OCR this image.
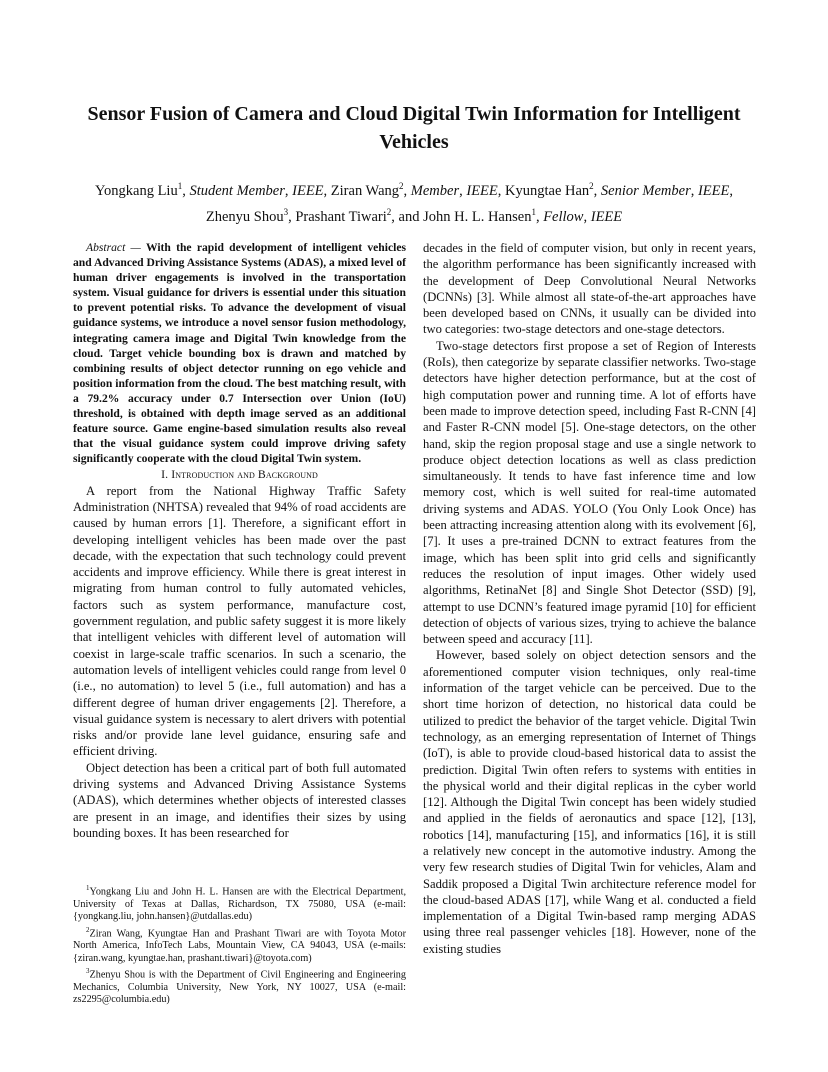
Sensor Fusion of Camera and Cloud Digital Twin Information for Intelligent Vehicles
Yongkang Liu$^1$, Student Member, IEEE, Ziran Wang$^2$, Member, IEEE, Kyungtae Han$^2$, Senior Member, IEEE,
Zhenyu Shou$^3$, Prashant Tiwari$^2$, and John H. L. Hansen$^1$, Fellow, IEEE

Abstract — With the rapid development of intelligent vehicles and Advanced Driving Assistance Systems (ADAS), a mixed level of human driver engagements is involved in the transportation system. Visual guidance for drivers is essential under this situation to prevent potential risks. To advance the development of visual guidance systems, we introduce a novel sensor fusion methodology, integrating camera image and Digital Twin knowledge from the cloud. Target vehicle bounding box is drawn and matched by combining results of object detector running on ego vehicle and position information from the cloud. The best matching result, with a 79.2% accuracy under 0.7 Intersection over Union (IoU) threshold, is obtained with depth image served as an additional feature source. Game engine-based simulation results also reveal that the visual guidance system could improve driving safety significantly cooperate with the cloud Digital Twin system.

I. Introduction and Background

A report from the National Highway Traffic Safety Administration (NHTSA) revealed that 94% of road accidents are caused by human errors [1]. Therefore, a significant effort in developing intelligent vehicles has been made over the past decade, with the expectation that such technology could prevent accidents and improve efficiency. While there is great interest in migrating from human control to fully automated vehicles, factors such as system performance, manufacture cost, government regulation, and public safety suggest it is more likely that intelligent vehicles with different level of automation will coexist in large-scale traffic scenarios. In such a scenario, the automation levels of intelligent vehicles could range from level 0 (i.e., no automation) to level 5 (i.e., full automation) and has a different degree of human driver engagements [2]. Therefore, a visual guidance system is necessary to alert drivers with potential risks and/or provide lane level guidance, ensuring safe and efficient driving.

Object detection has been a critical part of both full automated driving systems and Advanced Driving Assistance Systems (ADAS), which determines whether objects of interested classes are present in an image, and identifies their sizes by using bounding boxes. It has been researched for

$^1$Yongkang Liu and John H. L. Hansen are with the Electrical Department, University of Texas at Dallas, Richardson, TX 75080, USA (e-mail: {yongkang.liu, john.hansen}@utdallas.edu)

$^2$Ziran Wang, Kyungtae Han and Prashant Tiwari are with Toyota Motor North America, InfoTech Labs, Mountain View, CA 94043, USA (e-mails: {ziran.wang, kyungtae.han, prashant.tiwari}@toyota.com)

$^3$Zhenyu Shou is with the Department of Civil Engineering and Engineering Mechanics, Columbia University, New York, NY 10027, USA (e-mail: zs2295@columbia.edu)

decades in the field of computer vision, but only in recent years, the algorithm performance has been significantly increased with the development of Deep Convolutional Neural Networks (DCNNs) [3]. While almost all state-of-the-art approaches have been developed based on CNNs, it usually can be divided into two categories: two-stage detectors and one-stage detectors.

Two-stage detectors first propose a set of Region of Interests (RoIs), then categorize by separate classifier networks. Two-stage detectors have higher detection performance, but at the cost of high computation power and running time. A lot of efforts have been made to improve detection speed, including Fast R-CNN [4] and Faster R-CNN model [5]. One-stage detectors, on the other hand, skip the region proposal stage and use a single network to produce object detection locations as well as class prediction simultaneously. It tends to have fast inference time and low memory cost, which is well suited for real-time automated driving systems and ADAS. YOLO (You Only Look Once) has been attracting increasing attention along with its evolvement [6], [7]. It uses a pre-trained DCNN to extract features from the image, which has been split into grid cells and significantly reduces the resolution of input images. Other widely used algorithms, RetinaNet [8] and Single Shot Detector (SSD) [9], attempt to use DCNN’s featured image pyramid [10] for efficient detection of objects of various sizes, trying to achieve the balance between speed and accuracy [11].

However, based solely on object detection sensors and the aforementioned computer vision techniques, only real-time information of the target vehicle can be perceived. Due to the short time horizon of detection, no historical data could be utilized to predict the behavior of the target vehicle. Digital Twin technology, as an emerging representation of Internet of Things (IoT), is able to provide cloud-based historical data to assist the prediction. Digital Twin often refers to systems with entities in the physical world and their digital replicas in the cyber world [12]. Although the Digital Twin concept has been widely studied and applied in the fields of aeronautics and space [12], [13], robotics [14], manufacturing [15], and informatics [16], it is still a relatively new concept in the automotive industry. Among the very few research studies of Digital Twin for vehicles, Alam and Saddik proposed a Digital Twin architecture reference model for the cloud-based ADAS [17], while Wang et al. conducted a field implementation of a Digital Twin-based ramp merging ADAS using three real passenger vehicles [18]. However, none of the existing studies
